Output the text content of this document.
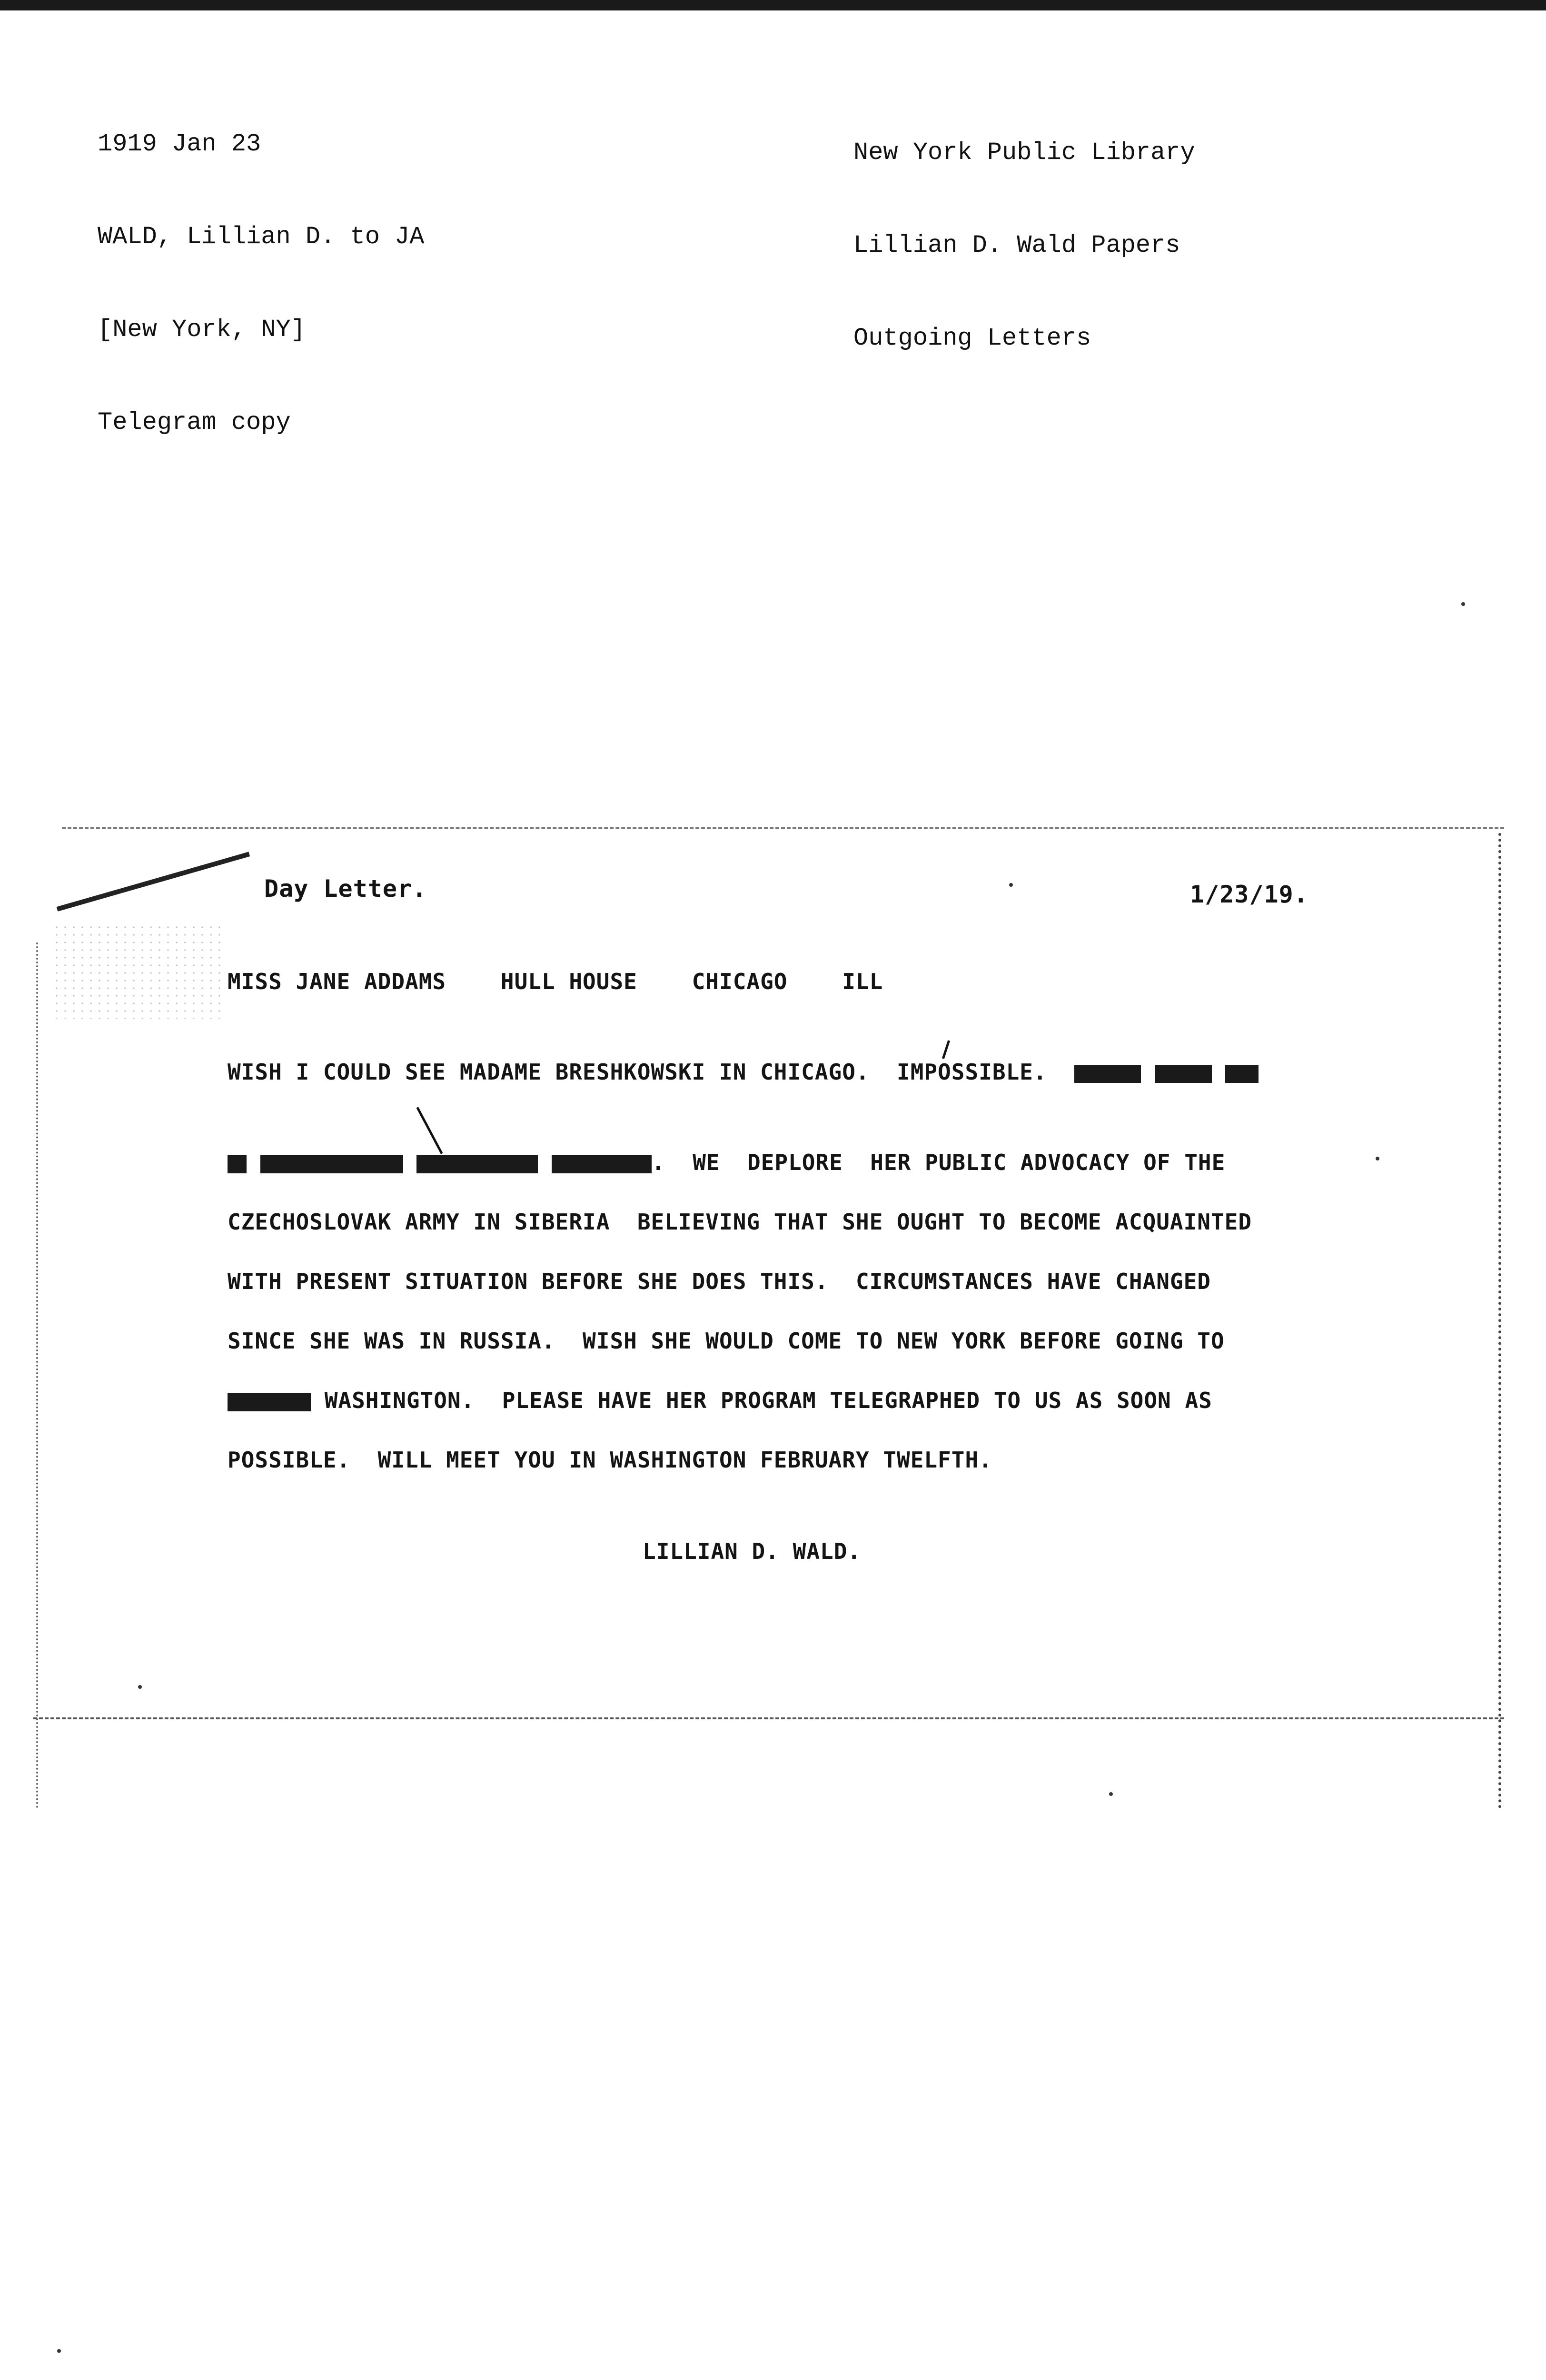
1919 Jan 23

WALD, Lillian D. to JA

[New York, NY]

Telegram copy

New York Public Library

Lillian D. Wald Papers

Outgoing Letters

Day Letter.	1/23/19.
MISS JANE ADDAMS    HULL HOUSE    CHICAGO    ILL
WISH I COULD SEE MADAME BRESHKOWSKI IN CHICAGO.  IMPOSSIBLE.
.  WE  DEPLORE  HER PUBLIC ADVOCACY OF THE
CZECHOSLOVAK ARMY IN SIBERIA  BELIEVING THAT SHE OUGHT TO BECOME ACQUAINTED
WITH PRESENT SITUATION BEFORE SHE DOES THIS.  CIRCUMSTANCES HAVE CHANGED
SINCE SHE WAS IN RUSSIA.  WISH SHE WOULD COME TO NEW YORK BEFORE GOING TO
WASHINGTON.  PLEASE HAVE HER PROGRAM TELEGRAPHED TO US AS SOON AS
POSSIBLE.  WILL MEET YOU IN WASHINGTON FEBRUARY TWELFTH.
LILLIAN D. WALD.
